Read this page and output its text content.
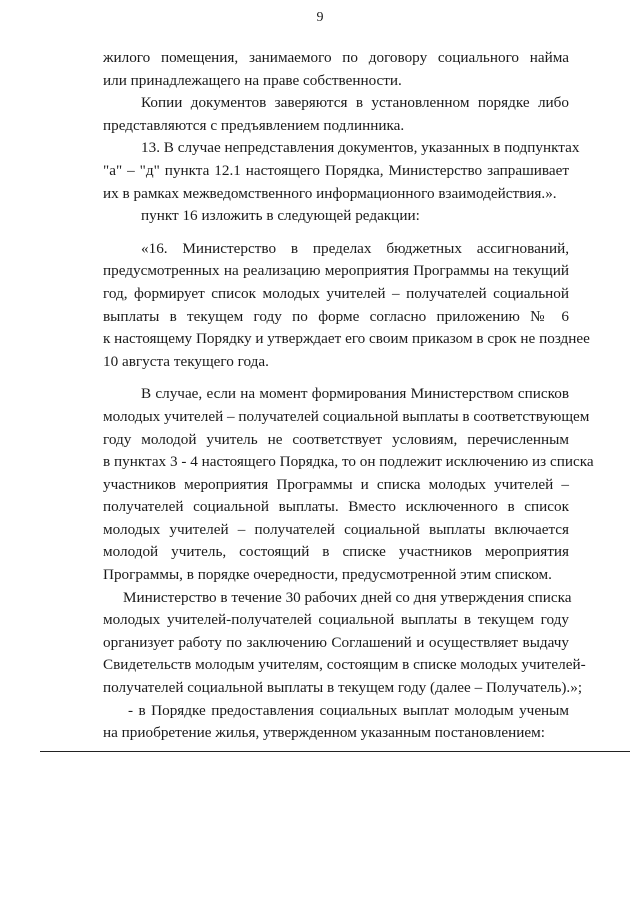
9
жилого помещения, занимаемого по договору социального найма
или принадлежащего на праве собственности.
Копии документов заверяются в установленном порядке либо
представляются с предъявлением подлинника.
13. В случае непредставления документов, указанных в подпунктах
"а" – "д" пункта 12.1 настоящего Порядка, Министерство запрашивает
их в рамках межведомственного информационного взаимодействия.».
пункт 16 изложить в следующей редакции:
«16. Министерство в пределах бюджетных ассигнований,
предусмотренных на реализацию мероприятия Программы на текущий
год, формирует список молодых учителей – получателей социальной
выплаты в текущем году по форме согласно приложению № 6
к настоящему Порядку и утверждает его своим приказом в срок не позднее
10 августа текущего года.
В случае, если на момент формирования Министерством списков
молодых учителей – получателей социальной выплаты в соответствующем
году молодой учитель не соответствует условиям, перечисленным
в пунктах 3 - 4 настоящего Порядка, то он подлежит исключению из списка
участников мероприятия Программы и списка молодых учителей –
получателей социальной выплаты. Вместо исключенного в список
молодых учителей – получателей социальной выплаты включается
молодой учитель, состоящий в списке участников мероприятия
Программы, в порядке очередности, предусмотренной этим списком.
Министерство в течение 30 рабочих дней со дня утверждения списка
молодых учителей-получателей социальной выплаты в текущем году
организует работу по заключению Соглашений и осуществляет выдачу
Свидетельств молодым учителям, состоящим в списке молодых учителей-
получателей социальной выплаты в текущем году (далее – Получатель).»;
- в Порядке предоставления социальных выплат молодым ученым
на приобретение жилья, утвержденном указанным постановлением:
